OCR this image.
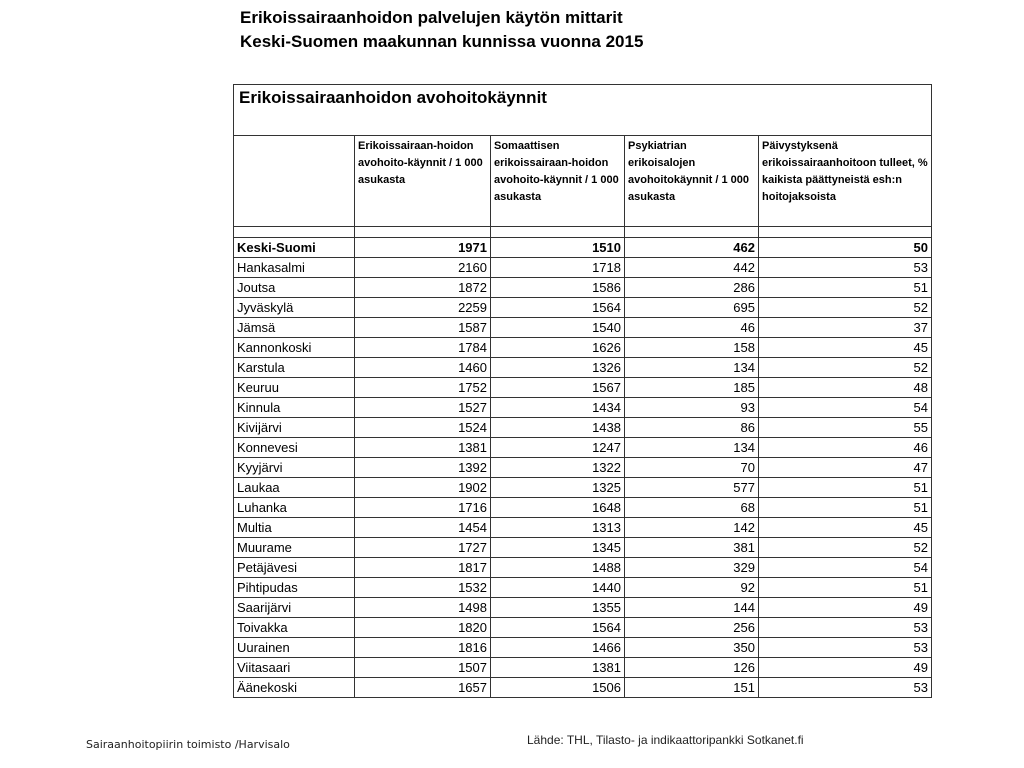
Erikoissairaanhoidon palvelujen käytön mittarit
Keski-Suomen maakunnan kunnissa vuonna 2015
Erikoissairaanhoidon avohoitokäynnit				
	Erikoissairaan-hoidon avohoito-käynnit / 1 000 asukasta	Somaattisen erikoissairaan-hoidon avohoito-käynnit / 1 000 asukasta	Psykiatrian erikoisalojen avohoitokäynnit / 1 000 asukasta	Päivystyksenä erikoissairaanhoitoon tulleet, % kaikista päättyneistä esh:n hoitojaksoista

Keski-Suomi	1971	1510	462	50
Hankasalmi	2160	1718	442	53
Joutsa	1872	1586	286	51
Jyväskylä	2259	1564	695	52
Jämsä	1587	1540	46	37
Kannonkoski	1784	1626	158	45
Karstula	1460	1326	134	52
Keuruu	1752	1567	185	48
Kinnula	1527	1434	93	54
Kivijärvi	1524	1438	86	55
Konnevesi	1381	1247	134	46
Kyyjärvi	1392	1322	70	47
Laukaa	1902	1325	577	51
Luhanka	1716	1648	68	51
Multia	1454	1313	142	45
Muurame	1727	1345	381	52
Petäjävesi	1817	1488	329	54
Pihtipudas	1532	1440	92	51
Saarijärvi	1498	1355	144	49
Toivakka	1820	1564	256	53
Uurainen	1816	1466	350	53
Viitasaari	1507	1381	126	49
Äänekoski	1657	1506	151	53
Sairaanhoitopiirin toimisto /Harvisalo	Lähde: THL, Tilasto- ja indikaattoripankki Sotkanet.fi
